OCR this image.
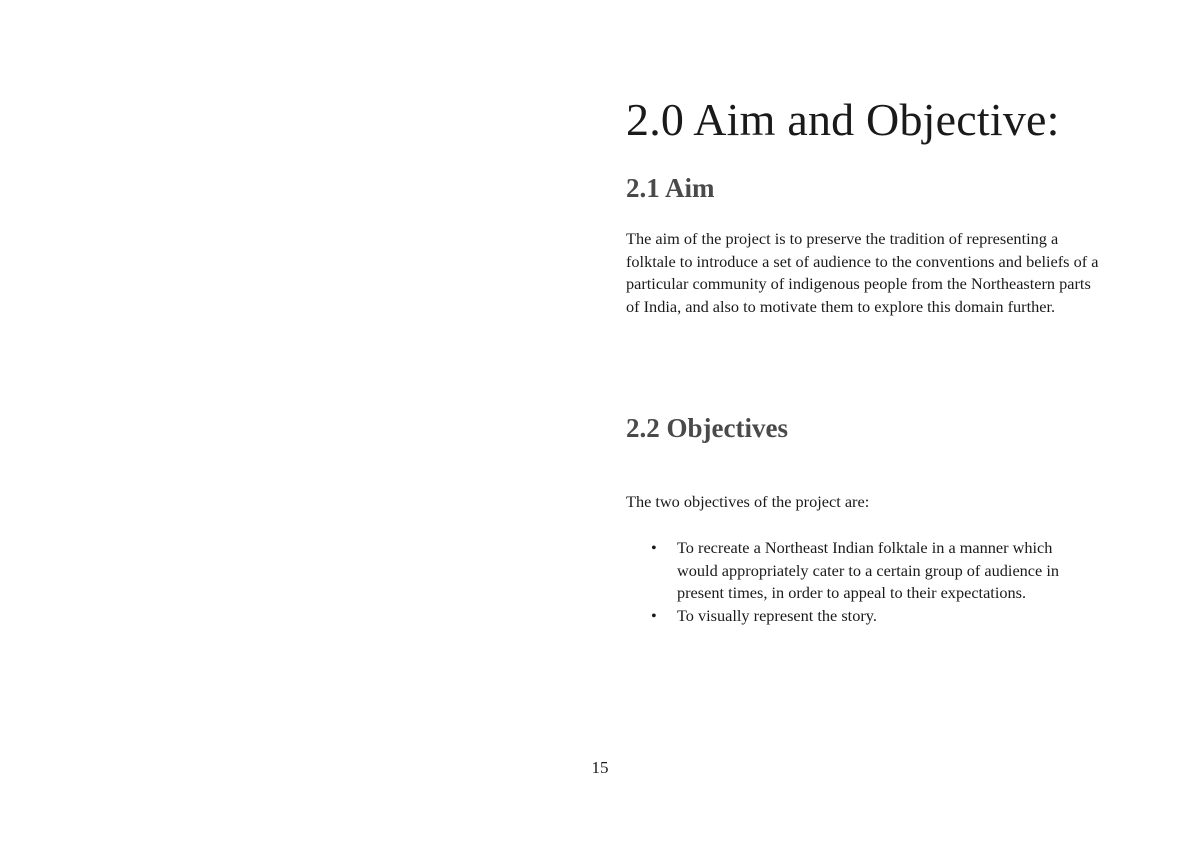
2.0 Aim and Objective:
2.1 Aim

The aim of the project is to preserve the tradition of representing a folktale to introduce a set of audience to the conventions and beliefs of a particular community of indigenous people from the Northeastern parts of India, and also to motivate them to explore this domain further.

2.2 Objectives

The two objectives of the project are:

• To recreate a Northeast Indian folktale in a manner which would appropriately cater to a certain group of audience in present times, in order to appeal to their expectations.
• To visually represent the story.
15
